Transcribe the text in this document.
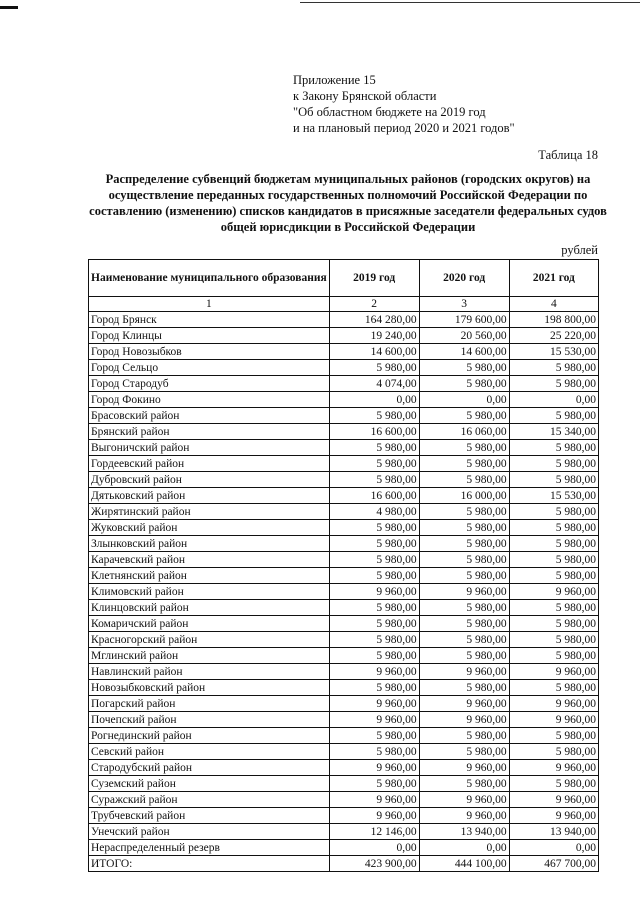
Приложение 15
к Закону Брянской области
"Об областном бюджете на 2019 год
и на плановый период 2020 и 2021 годов"
Таблица 18
Распределение субвенций бюджетам муниципальных районов (городских округов) на осуществление переданных государственных полномочий Российской Федерации по составлению (изменению) списков кандидатов в присяжные заседатели федеральных судов общей юрисдикции в Российской Федерации
рублей
Наименование муниципального образования	2019 год	2020 год	2021 год
1	2	3	4
Город Брянск	164 280,00	179 600,00	198 800,00
Город Клинцы	19 240,00	20 560,00	25 220,00
Город Новозыбков	14 600,00	14 600,00	15 530,00
Город Сельцо	5 980,00	5 980,00	5 980,00
Город Стародуб	4 074,00	5 980,00	5 980,00
Город Фокино	0,00	0,00	0,00
Брасовский район	5 980,00	5 980,00	5 980,00
Брянский район	16 600,00	16 060,00	15 340,00
Выгоничский район	5 980,00	5 980,00	5 980,00
Гордеевский район	5 980,00	5 980,00	5 980,00
Дубровский район	5 980,00	5 980,00	5 980,00
Дятьковский район	16 600,00	16 000,00	15 530,00
Жирятинский район	4 980,00	5 980,00	5 980,00
Жуковский район	5 980,00	5 980,00	5 980,00
Злынковский район	5 980,00	5 980,00	5 980,00
Карачевский район	5 980,00	5 980,00	5 980,00
Клетнянский район	5 980,00	5 980,00	5 980,00
Климовский район	9 960,00	9 960,00	9 960,00
Клинцовский район	5 980,00	5 980,00	5 980,00
Комаричский район	5 980,00	5 980,00	5 980,00
Красногорский район	5 980,00	5 980,00	5 980,00
Мглинский район	5 980,00	5 980,00	5 980,00
Навлинский район	9 960,00	9 960,00	9 960,00
Новозыбковский район	5 980,00	5 980,00	5 980,00
Погарский район	9 960,00	9 960,00	9 960,00
Почепский район	9 960,00	9 960,00	9 960,00
Рогнединский район	5 980,00	5 980,00	5 980,00
Севский район	5 980,00	5 980,00	5 980,00
Стародубский район	9 960,00	9 960,00	9 960,00
Суземский район	5 980,00	5 980,00	5 980,00
Суражский район	9 960,00	9 960,00	9 960,00
Трубчевский район	9 960,00	9 960,00	9 960,00
Унечский район	12 146,00	13 940,00	13 940,00
Нераспределенный резерв	0,00	0,00	0,00
ИТОГО:	423 900,00	444 100,00	467 700,00
